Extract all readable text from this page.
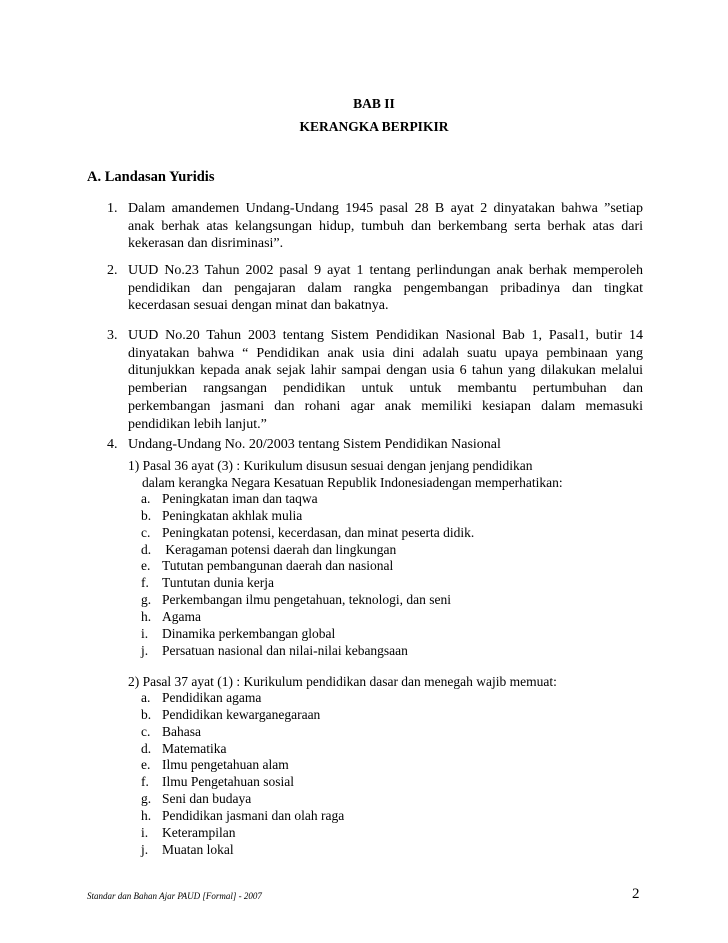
BAB II
KERANGKA BERPIKIR
A. Landasan Yuridis
1. Dalam amandemen Undang-Undang 1945 pasal 28 B ayat 2 dinyatakan bahwa ”setiap
anak berhak atas kelangsungan hidup, tumbuh dan berkembang serta berhak atas dari
kekerasan dan disriminasi”.
2. UUD No.23 Tahun 2002 pasal 9 ayat 1 tentang perlindungan anak berhak memperoleh
pendidikan dan pengajaran dalam rangka pengembangan pribadinya dan tingkat
kecerdasan sesuai dengan minat dan bakatnya.
3. UUD No.20 Tahun 2003 tentang Sistem Pendidikan Nasional Bab 1, Pasal1, butir 14
dinyatakan bahwa “ Pendidikan anak usia dini adalah suatu upaya pembinaan yang
ditunjukkan kepada anak sejak lahir sampai dengan usia 6 tahun yang dilakukan melalui
pemberian rangsangan pendidikan untuk untuk membantu pertumbuhan dan
perkembangan jasmani dan rohani agar anak memiliki kesiapan dalam memasuki
pendidikan lebih lanjut.”
4. Undang-Undang No. 20/2003 tentang Sistem Pendidikan Nasional
1) Pasal 36 ayat (3) : Kurikulum disusun sesuai dengan jenjang pendidikan
dalam kerangka Negara Kesatuan Republik Indonesiadengan memperhatikan:
a. Peningkatan iman dan taqwa
b. Peningkatan akhlak mulia
c. Peningkatan potensi, kecerdasan, dan minat peserta didik.
d. Keragaman potensi daerah dan lingkungan
e. Tututan pembangunan daerah dan nasional
f. Tuntutan dunia kerja
g. Perkembangan ilmu pengetahuan, teknologi, dan seni
h. Agama
i. Dinamika perkembangan global
j. Persatuan nasional dan nilai-nilai kebangsaan
2) Pasal 37 ayat (1) : Kurikulum pendidikan dasar dan menegah wajib memuat:
a. Pendidikan agama
b. Pendidikan kewarganegaraan
c. Bahasa
d. Matematika
e. Ilmu pengetahuan alam
f. Ilmu Pengetahuan sosial
g. Seni dan budaya
h. Pendidikan jasmani dan olah raga
i. Keterampilan
j. Muatan lokal
Standar dan Bahan Ajar PAUD [Formal] - 2007	2
